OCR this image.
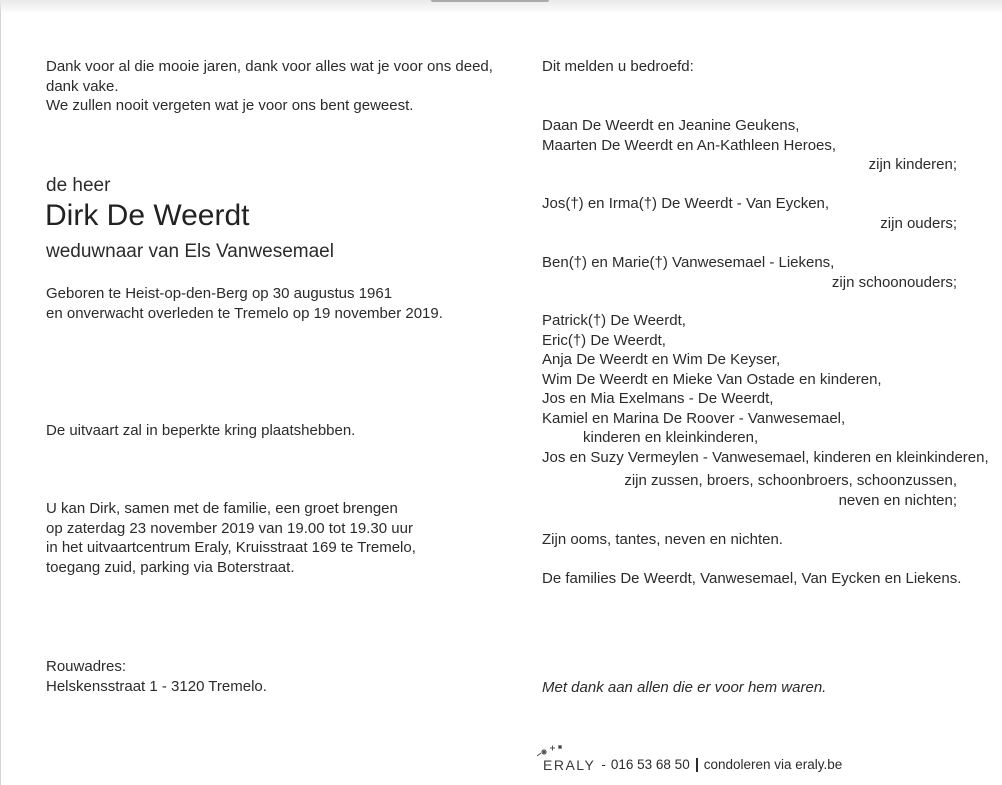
Dank voor al die mooie jaren, dank voor alles wat je voor ons deed,
dank vake.
We zullen nooit vergeten wat je voor ons bent geweest.
de heer
Dirk De Weerdt
weduwnaar van Els Vanwesemael
Geboren te Heist-op-den-Berg op 30 augustus 1961
en onverwacht overleden te Tremelo op 19 november 2019.
De uitvaart zal in beperkte kring plaatshebben.
U kan Dirk, samen met de familie, een groet brengen
op zaterdag 23 november 2019 van 19.00 tot 19.30 uur
in het uitvaartcentrum Eraly, Kruisstraat 169 te Tremelo,
toegang zuid, parking via Boterstraat.
Rouwadres:
Helskensstraat 1 - 3120 Tremelo.
Dit melden u bedroefd:
Daan De Weerdt en Jeanine Geukens,
Maarten De Weerdt en An-Kathleen Heroes,
zijn kinderen;
Jos(†) en Irma(†) De Weerdt - Van Eycken,
zijn ouders;
Ben(†) en Marie(†) Vanwesemael - Liekens,
zijn schoonouders;
Patrick(†) De Weerdt,
Eric(†) De Weerdt,
Anja De Weerdt en Wim De Keyser,
Wim De Weerdt en Mieke Van Ostade en kinderen,
Jos en Mia Exelmans - De Weerdt,
Kamiel en Marina De Roover - Vanwesemael,
kinderen en kleinkinderen,
Jos en Suzy Vermeylen - Vanwesemael, kinderen en kleinkinderen,
zijn zussen, broers, schoonbroers, schoonzussen,
neven en nichten;
Zijn ooms, tantes, neven en nichten.
De families De Weerdt, Vanwesemael, Van Eycken en Liekens.
Met dank aan allen die er voor hem waren.
ERALY - 016 53 68 50 condoleren via eraly.be
